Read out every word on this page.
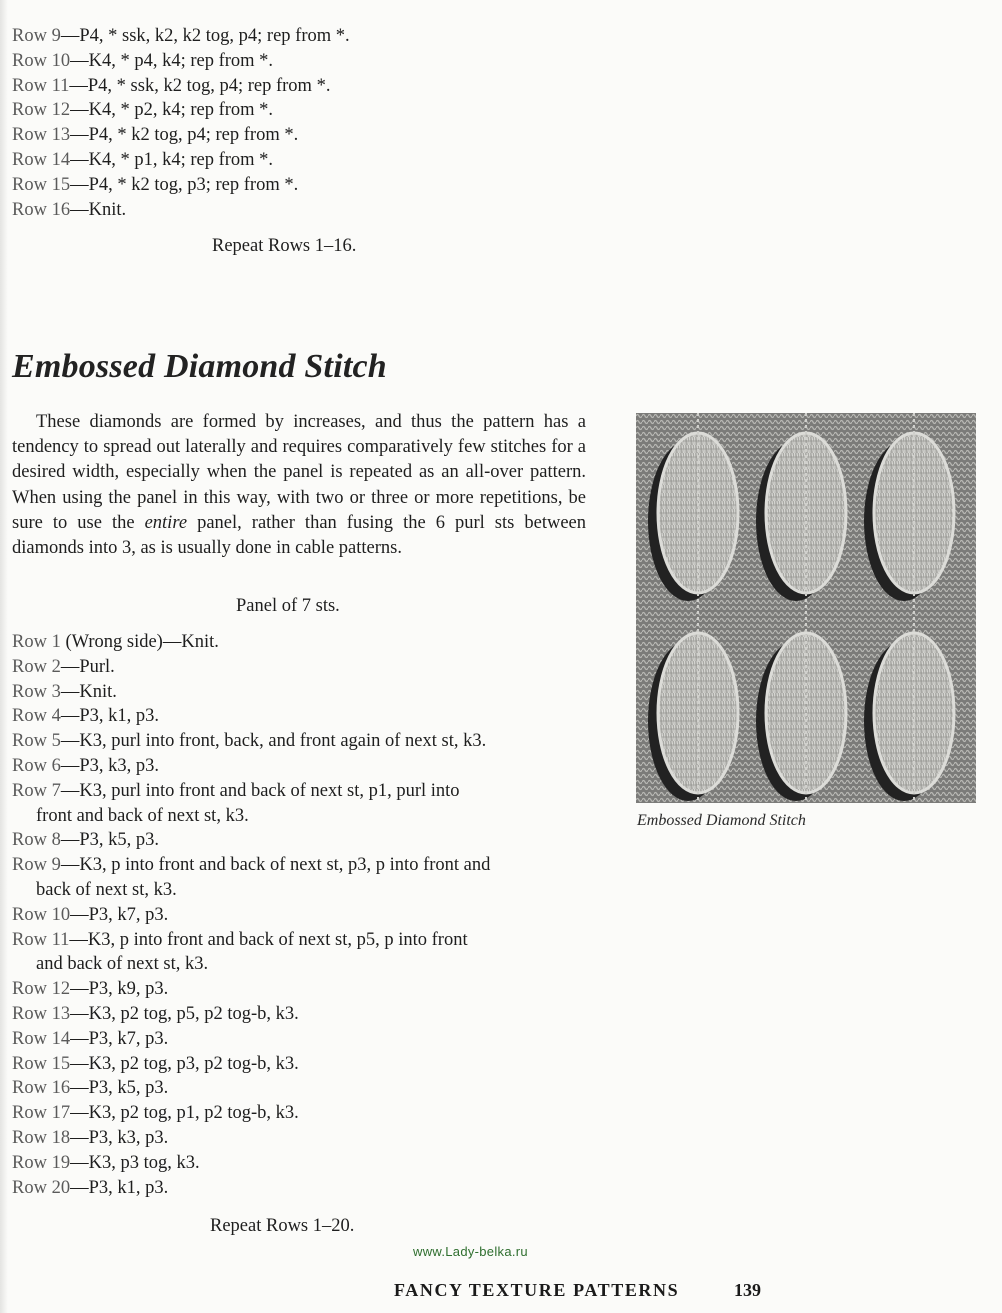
Row 9—P4, * ssk, k2, k2 tog, p4; rep from *.
Row 10—K4, * p4, k4; rep from *.
Row 11—P4, * ssk, k2 tog, p4; rep from *.
Row 12—K4, * p2, k4; rep from *.
Row 13—P4, * k2 tog, p4; rep from *.
Row 14—K4, * p1, k4; rep from *.
Row 15—P4, * k2 tog, p3; rep from *.
Row 16—Knit.
Repeat Rows 1–16.
Embossed Diamond Stitch
These diamonds are formed by increases, and thus the pattern has a tendency to spread out laterally and requires comparatively few stitches for a desired width, especially when the panel is repeated as an all-over pattern. When using the panel in this way, with two or three or more repetitions, be sure to use the entire panel, rather than fusing the 6 purl sts between diamonds into 3, as is usually done in cable patterns.
Panel of 7 sts.
Row 1 (Wrong side)—Knit.
Row 2—Purl.
Row 3—Knit.
Row 4—P3, k1, p3.
Row 5—K3, purl into front, back, and front again of next st, k3.
Row 6—P3, k3, p3.
Row 7—K3, purl into front and back of next st, p1, purl into
front and back of next st, k3.
Row 8—P3, k5, p3.
Row 9—K3, p into front and back of next st, p3, p into front and
back of next st, k3.
Row 10—P3, k7, p3.
Row 11—K3, p into front and back of next st, p5, p into front
and back of next st, k3.
Row 12—P3, k9, p3.
Row 13—K3, p2 tog, p5, p2 tog-b, k3.
Row 14—P3, k7, p3.
Row 15—K3, p2 tog, p3, p2 tog-b, k3.
Row 16—P3, k5, p3.
Row 17—K3, p2 tog, p1, p2 tog-b, k3.
Row 18—P3, k3, p3.
Row 19—K3, p3 tog, k3.
Row 20—P3, k1, p3.
Repeat Rows 1–20.
Embossed Diamond Stitch
www.Lady-belka.ru
FANCY TEXTURE PATTERNS	139
